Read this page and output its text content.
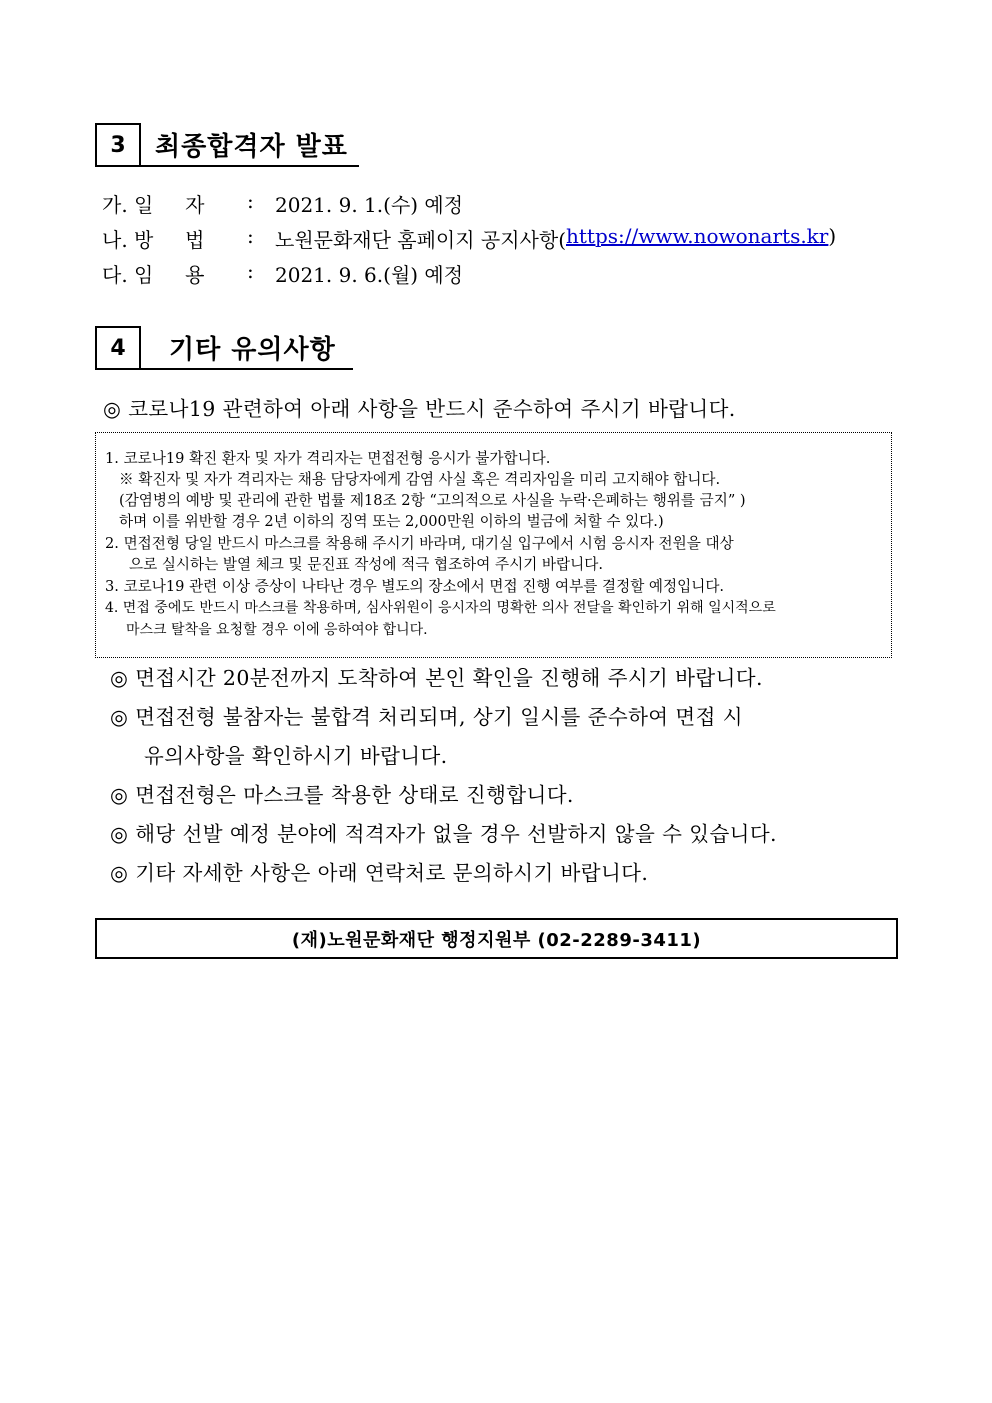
3	최종합격자 발표
가. 일     자	:	2021. 9. 1.(수) 예정
나. 방     법	:	노원문화재단 홈페이지 공지사항( https://www.nowonarts.kr )
다. 임     용	:	2021. 9. 6.(월) 예정
4	기타 유의사항
◎ 코로나19 관련하여 아래 사항을 반드시 준수하여 주시기 바랍니다.
1. 코로나19 확진 환자 및 자가 격리자는 면접전형 응시가 불가합니다.
※ 확진자 및 자가 격리자는 채용 담당자에게 감염 사실 혹은 격리자임을 미리 고지해야 합니다.
(감염병의 예방 및 관리에 관한 법률 제18조 2항 “고의적으로 사실을 누락·은폐하는 행위를 금지” )
하며 이를 위반할 경우 2년 이하의 징역 또는 2,000만원 이하의 벌금에 처할 수 있다.)
2. 면접전형 당일 반드시 마스크를 착용해 주시기 바라며, 대기실 입구에서 시험 응시자 전원을 대상
으로 실시하는 발열 체크 및 문진표 작성에 적극 협조하여 주시기 바랍니다.
3. 코로나19 관련 이상 증상이 나타난 경우 별도의 장소에서 면접 진행 여부를 결정할 예정입니다.
4. 면접 중에도 반드시 마스크를 착용하며, 심사위원이 응시자의 명확한 의사 전달을 확인하기 위해 일시적으로
마스크 탈착을 요청할 경우 이에 응하여야 합니다.
◎ 면접시간 20분전까지 도착하여 본인 확인을 진행해 주시기 바랍니다.
◎ 면접전형 불참자는 불합격 처리되며, 상기 일시를 준수하여 면접 시
유의사항을 확인하시기 바랍니다.
◎ 면접전형은 마스크를 착용한 상태로 진행합니다.
◎ 해당 선발 예정 분야에 적격자가 없을 경우 선발하지 않을 수 있습니다.
◎ 기타 자세한 사항은 아래 연락처로 문의하시기 바랍니다.
(재)노원문화재단 행정지원부 (02-2289-3411)
